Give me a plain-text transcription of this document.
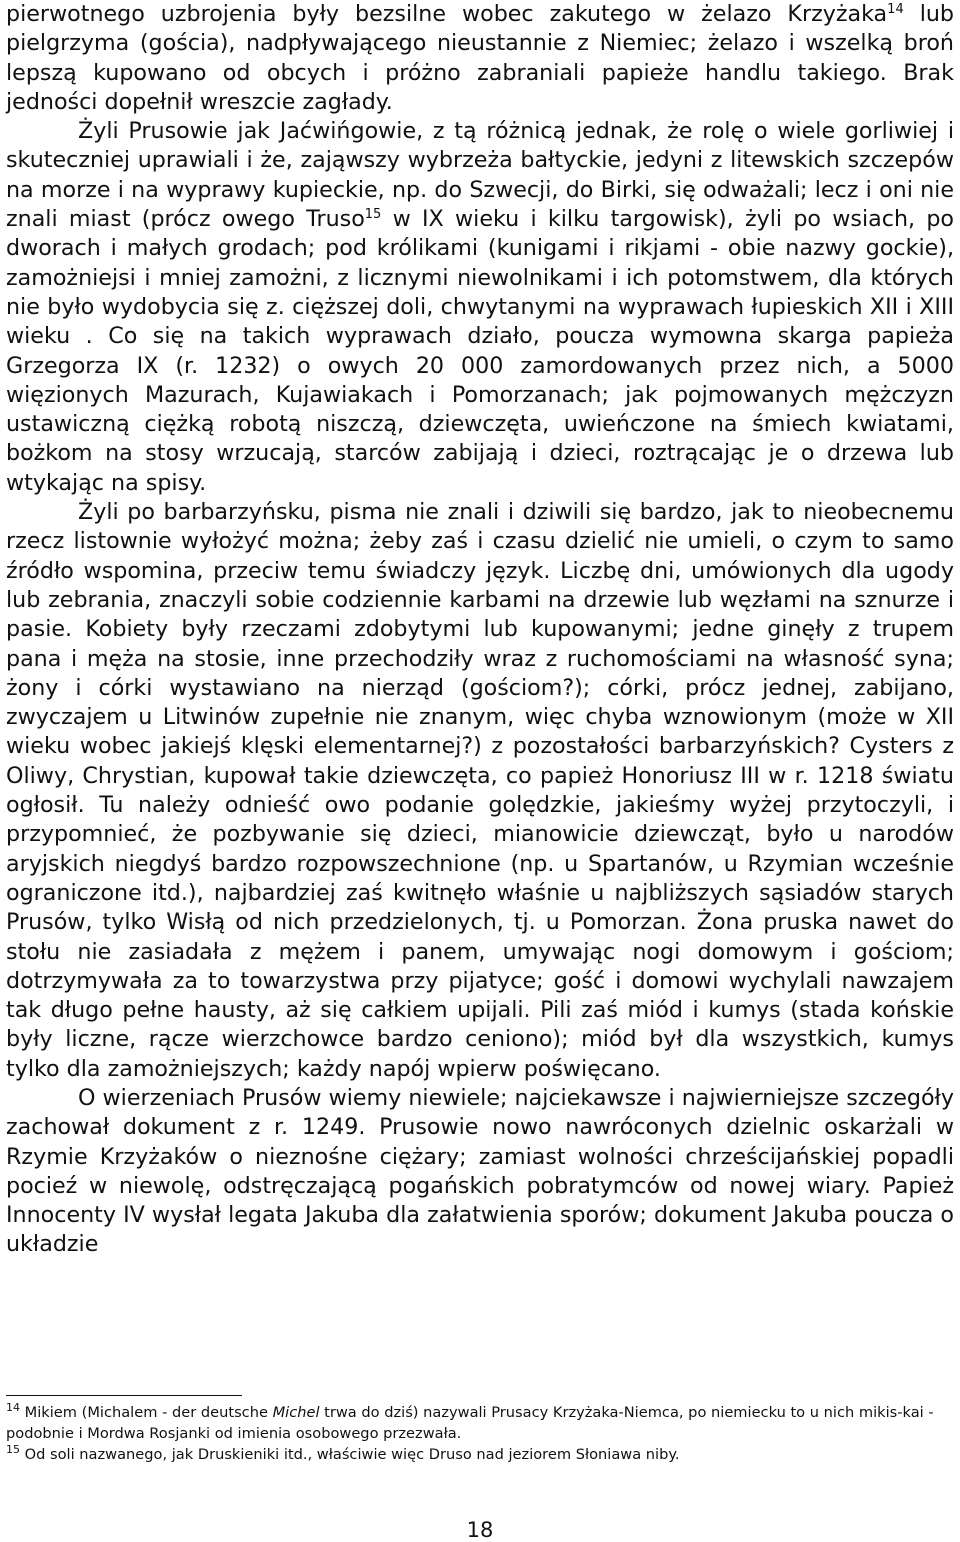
pierwotnego uzbrojenia były bezsilne wobec zakutego w żelazo Krzyżaka$^{14}$ lub pielgrzyma (gościa), nadpływającego nieustannie z Niemiec; żelazo i wszelką broń lepszą kupowano od obcych i próżno zabraniali papieże handlu takiego. Brak jedności dopełnił wreszcie zagłady.

Żyli Prusowie jak Jaćwińgowie, z tą różnicą jednak, że rolę o wiele gorliwiej i skuteczniej uprawiali i że, zająwszy wybrzeża bałtyckie, jedyni z litewskich szczepów na morze i na wyprawy kupieckie, np. do Szwecji, do Birki, się odważali; lecz i oni nie znali miast (prócz owego Truso$^{15}$ w IX wieku i kilku targowisk), żyli po wsiach, po dworach i małych grodach; pod królikami (kunigami i rikjami - obie nazwy gockie), zamożniejsi i mniej zamożni, z licznymi niewolnikami i ich potomstwem, dla których nie było wydobycia się z. cięższej doli, chwytanymi na wyprawach łupieskich XII i XIII wieku . Co się na takich wyprawach działo, poucza wymowna skarga papieża Grzegorza IX (r. 1232) o owych 20 000 zamordowanych przez nich, a 5000 więzionych Mazurach, Kujawiakach i Pomorzanach; jak pojmowanych mężczyzn ustawiczną ciężką robotą niszczą, dziewczęta, uwieńczone na śmiech kwiatami, bożkom na stosy wrzucają, starców zabijają i dzieci, roztrącając je o drzewa lub wtykając na spisy.

Żyli po barbarzyńsku, pisma nie znali i dziwili się bardzo, jak to nieobecnemu rzecz listownie wyłożyć można; żeby zaś i czasu dzielić nie umieli, o czym to samo źródło wspomina, przeciw temu świadczy język. Liczbę dni, umówionych dla ugody lub zebrania, znaczyli sobie codziennie karbami na drzewie lub węzłami na sznurze i pasie. Kobiety były rzeczami zdobytymi lub kupowanymi; jedne ginęły z trupem pana i męża na stosie, inne przechodziły wraz z ruchomościami na własność syna; żony i córki wystawiano na nierząd (gościom?); córki, prócz jednej, zabijano, zwyczajem u Litwinów zupełnie nie znanym, więc chyba wznowionym (może w XII wieku wobec jakiejś klęski elementarnej?) z pozostałości barbarzyńskich? Cysters z Oliwy, Chrystian, kupował takie dziewczęta, co papież Honoriusz III w r. 1218 światu ogłosił. Tu należy odnieść owo podanie golędzkie, jakieśmy wyżej przytoczyli, i przypomnieć, że pozbywanie się dzieci, mianowicie dziewcząt, było u narodów aryjskich niegdyś bardzo rozpowszechnione (np. u Spartanów, u Rzymian wcześnie ograniczone itd.), najbardziej zaś kwitnęło właśnie u najbliższych sąsiadów starych Prusów, tylko Wisłą od nich przedzielonych, tj. u Pomorzan. Żona pruska nawet do stołu nie zasiadała z mężem i panem, umywając nogi domowym i gościom; dotrzymywała za to towarzystwa przy pijatyce; gość i domowi wychylali nawzajem tak długo pełne hausty, aż się całkiem upijali. Pili zaś miód i kumys (stada końskie były liczne, rącze wierzchowce bardzo ceniono); miód był dla wszystkich, kumys tylko dla zamożniejszych; każdy napój wpierw poświęcano.

O wierzeniach Prusów wiemy niewiele; najciekawsze i najwierniejsze szczegóły zachował dokument z r. 1249. Prusowie nowo nawróconych dzielnic oskarżali w Rzymie Krzyżaków o nieznośne ciężary; zamiast wolności chrześcijańskiej popadli pocieź w niewolę, odstręczającą pogańskich pobratymców od nowej wiary. Papież Innocenty IV wysłał legata Jakuba dla załatwienia sporów; dokument Jakuba poucza o układzie

$^{14}$ Mikiem (Michalem - der deutsche Michel trwa do dziś) nazywali Prusacy Krzyżaka-Niemca, po niemiecku to u nich mikis-kai -podobnie i Mordwa Rosjanki od imienia osobowego przezwała.

$^{15}$ Od soli nazwanego, jak Druskieniki itd., właściwie więc Druso nad jeziorem Słoniawa niby.

18
